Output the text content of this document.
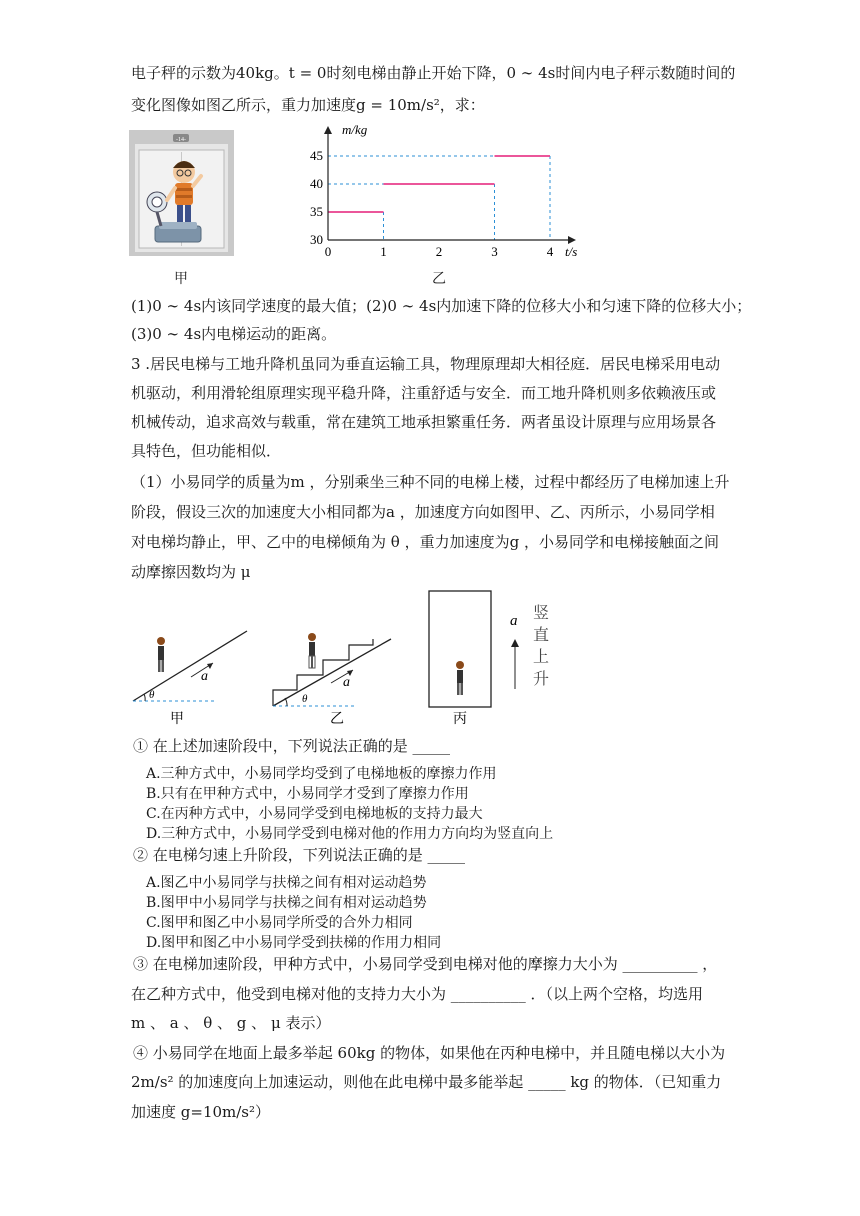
电子秤的示数为40kg。t = 0时刻电梯由静止开始下降，0 ∼ 4s时间内电子秤示数随时间的
变化图像如图乙所示，重力加速度g = 10m/s²，求：
-14-
甲
0	1	2	3	4
30
35
40
45
m/kg
t/s
乙
(1)0 ∼ 4s内该同学速度的最大值；(2)0 ∼ 4s内加速下降的位移大小和匀速下降的位移大小；
(3)0 ∼ 4s内电梯运动的距离。
3 .居民电梯与工地升降机虽同为垂直运输工具，物理原理却大相径庭．居民电梯采用电动
机驱动，利用滑轮组原理实现平稳升降，注重舒适与安全．而工地升降机则多依赖液压或
机械传动，追求高效与载重，常在建筑工地承担繁重任务．两者虽设计原理与应用场景各
具特色，但功能相似．
（1）小易同学的质量为m ，分别乘坐三种不同的电梯上楼，过程中都经历了电梯加速上升
阶段，假设三次的加速度大小相同都为a ，加速度方向如图甲、乙、丙所示，小易同学相
对电梯均静止，甲、乙中的电梯倾角为 θ ，重力加速度为g ，小易同学和电梯接触面之间
动摩擦因数均为 μ
θ
a
甲
θ
a
乙
a 竖
直
上
升
丙
① 在上述加速阶段中，下列说法正确的是 _____
A.三种方式中，小易同学均受到了电梯地板的摩擦力作用
B.只有在甲种方式中，小易同学才受到了摩擦力作用
C.在丙种方式中，小易同学受到电梯地板的支持力最大
D.三种方式中，小易同学受到电梯对他的作用力方向均为竖直向上
② 在电梯匀速上升阶段，下列说法正确的是 _____
A.图乙中小易同学与扶梯之间有相对运动趋势
B.图甲中小易同学与扶梯之间有相对运动趋势
C.图甲和图乙中小易同学所受的合外力相同
D.图甲和图乙中小易同学受到扶梯的作用力相同
③ 在电梯加速阶段，甲种方式中，小易同学受到电梯对他的摩擦力大小为 __________ ，
在乙种方式中，他受到电梯对他的支持力大小为 __________ ．（以上两个空格，均选用
m 、 a 、 θ 、 g 、 μ 表示）
④ 小易同学在地面上最多举起 60kg 的物体，如果他在丙种电梯中，并且随电梯以大小为
2m/s² 的加速度向上加速运动，则他在此电梯中最多能举起 _____ kg 的物体．（已知重力
加速度 g=10m/s²）
